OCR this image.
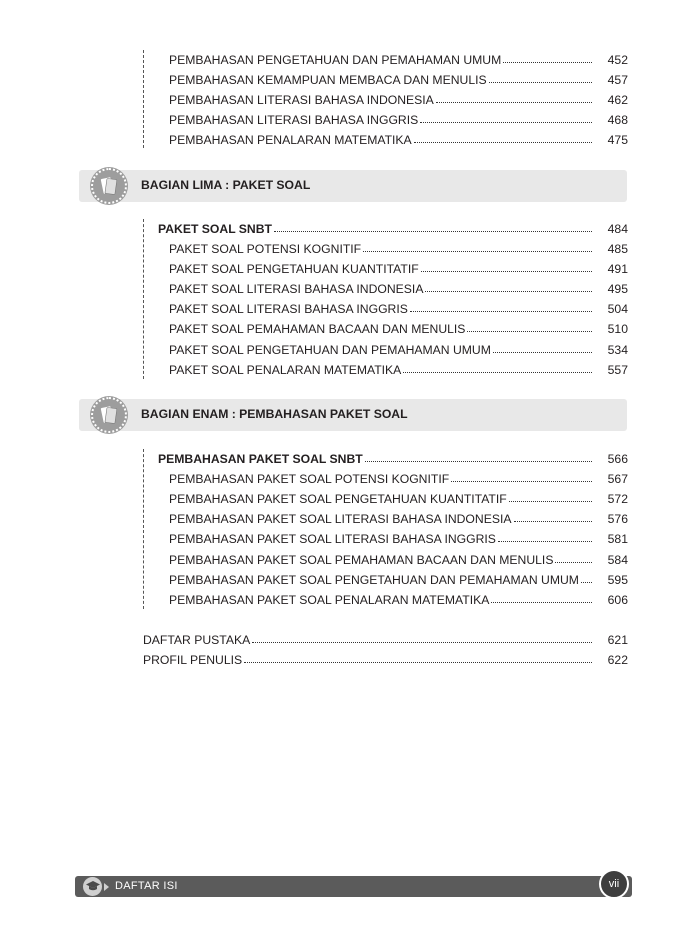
PEMBAHASAN PENGETAHUAN DAN PEMAHAMAN UMUM	452
PEMBAHASAN KEMAMPUAN MEMBACA DAN MENULIS	457
PEMBAHASAN LITERASI BAHASA INDONESIA	462
PEMBAHASAN LITERASI BAHASA INGGRIS	468
PEMBAHASAN PENALARAN MATEMATIKA	475
BAGIAN LIMA : PAKET SOAL
PAKET SOAL SNBT	484
PAKET SOAL POTENSI KOGNITIF	485
PAKET SOAL PENGETAHUAN KUANTITATIF	491
PAKET SOAL LITERASI BAHASA INDONESIA	495
PAKET SOAL LITERASI BAHASA INGGRIS	504
PAKET SOAL PEMAHAMAN BACAAN DAN MENULIS	510
PAKET SOAL PENGETAHUAN DAN PEMAHAMAN UMUM	534
PAKET SOAL PENALARAN MATEMATIKA	557
BAGIAN ENAM : PEMBAHASAN PAKET SOAL
PEMBAHASAN PAKET SOAL SNBT	566
PEMBAHASAN PAKET SOAL POTENSI KOGNITIF	567
PEMBAHASAN PAKET SOAL PENGETAHUAN KUANTITATIF	572
PEMBAHASAN PAKET SOAL LITERASI BAHASA INDONESIA	576
PEMBAHASAN PAKET SOAL LITERASI BAHASA INGGRIS	581
PEMBAHASAN PAKET SOAL PEMAHAMAN BACAAN DAN MENULIS	584
PEMBAHASAN PAKET SOAL PENGETAHUAN DAN PEMAHAMAN UMUM	595
PEMBAHASAN PAKET SOAL PENALARAN MATEMATIKA	606
DAFTAR PUSTAKA	621
PROFIL PENULIS	622
DAFTAR ISI	vii
